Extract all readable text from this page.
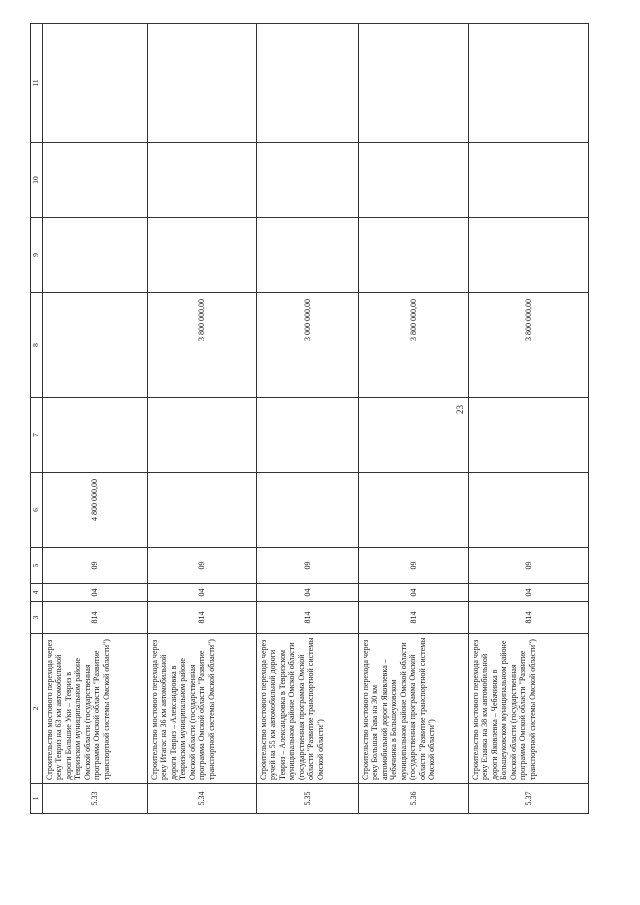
23
1
2
3
4
5
6
7
8
9
10
11
5.33
Строительство мостового перехода через реку Тевриз на 63 км автомобильной дороги Большие Уки – Тевриз в Тевризском муниципальном районе Омской области (государственная программа Омской области "Развитие транспортной системы Омской области")
814
04
09
4 800 000,00
5.34
Строительство мостового перехода через реку Итагас на 36 км автомобильной дороги Тевриз – Александровка в Тевризском муниципальном районе Омской области (государственная программа Омской области "Развитие транспортной системы Омской области")
814
04
09
3 800 000,00
5.35
Строительство мостового перехода через ручей на 55 км автомобильной дороги Тевриз – Александровка в Тевризском муниципальном районе Омской области (государственная программа Омской области "Развитие транспортной системы Омской области")
814
04
09
3 000 000,00
5.36
Строительство мостового перехода через реку Большая Тава на 30 км автомобильной дороги Яковлевка – Чебачинка в Большеуковском муниципальном районе Омской области (государственная программа Омской области "Развитие транспортной системы Омской области")
814
04
09
3 800 000,00
5.37
Строительство мостового перехода через реку Еланка на 38 км автомобильной дороги Яковлевка – Чебачинка в Большеуковском муниципальном районе Омской области (государственная программа Омской области "Развитие транспортной системы Омской области")
814
04
09
3 800 000,00
